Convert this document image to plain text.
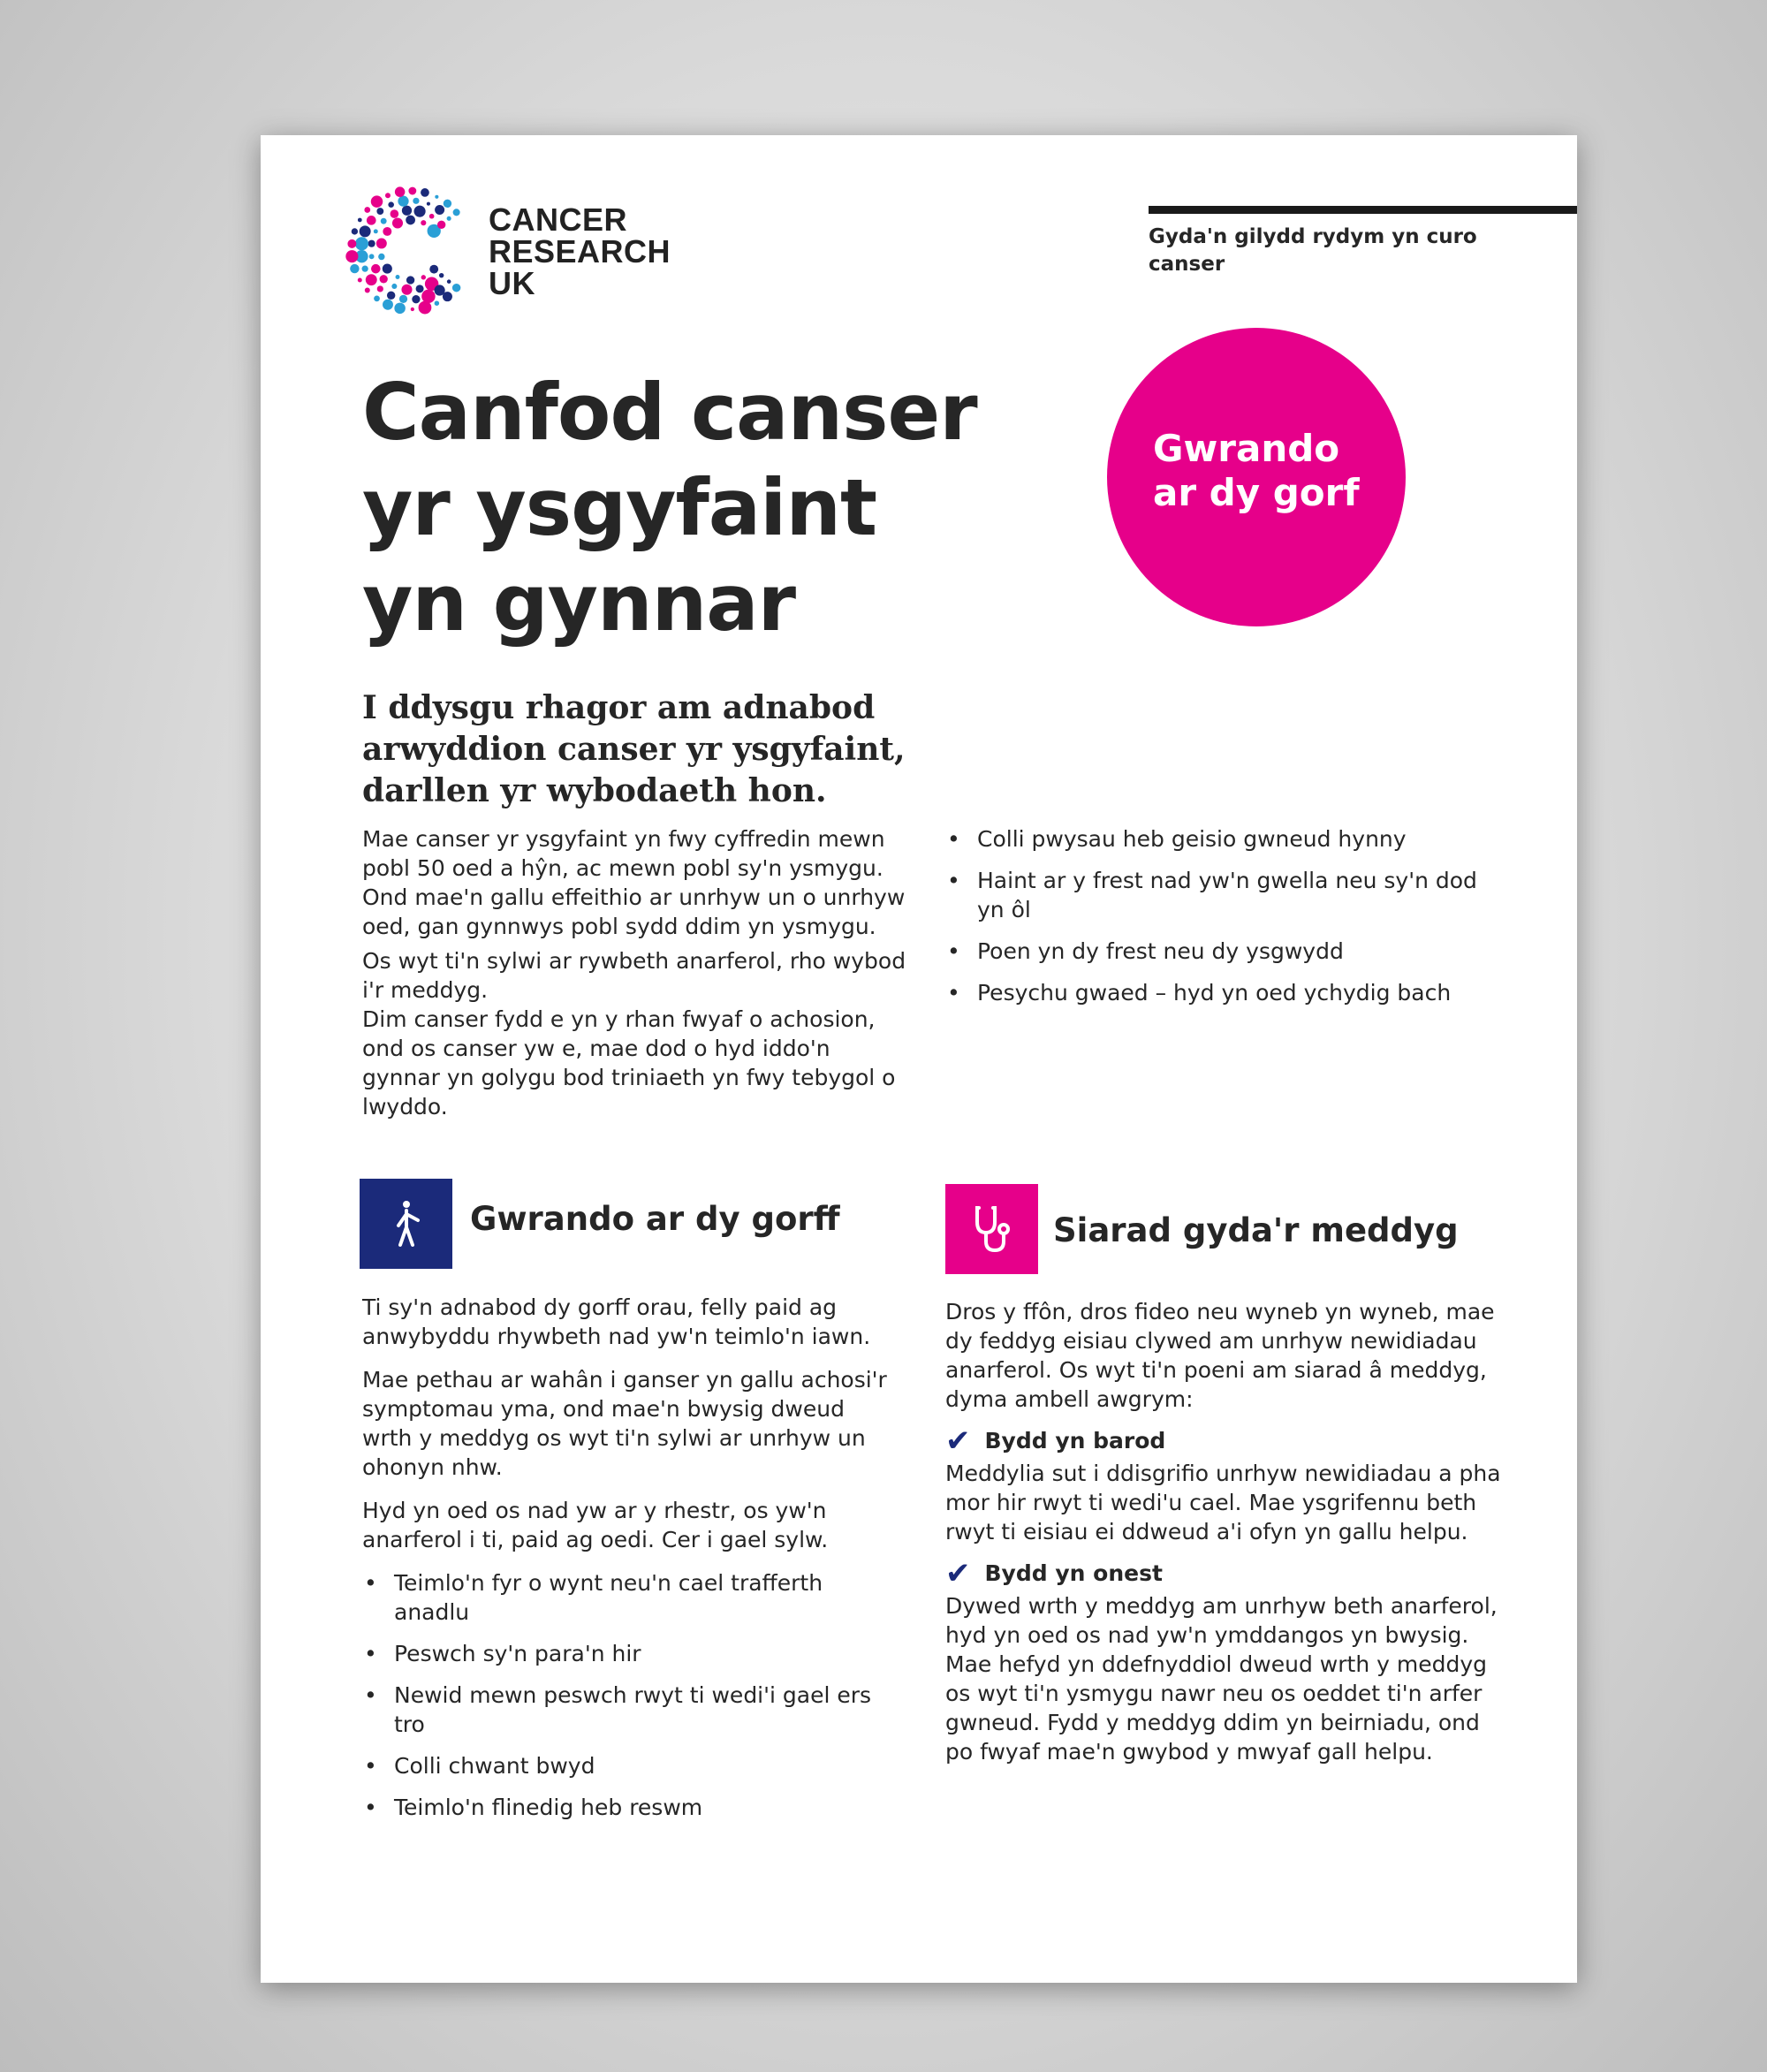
CANCER
RESEARCH
UK
Gyda'n gilydd rydym yn curo canser
Gwrando ar dy gorf
Canfod canser yr ysgyfaint yn gynnar
I ddysgu rhagor am adnabod arwyddion canser yr ysgyfaint, darllen yr wybodaeth hon.

Mae canser yr ysgyfaint yn fwy cyffredin mewn pobl 50 oed a hŷn, ac mewn pobl sy'n ysmygu. Ond mae'n gallu effeithio ar unrhyw un o unrhyw oed, gan gynnwys pobl sydd ddim yn ysmygu.

Os wyt ti'n sylwi ar rywbeth anarferol, rho wybod i'r meddyg.

Dim canser fydd e yn y rhan fwyaf o achosion, ond os canser yw e, mae dod o hyd iddo'n gynnar yn golygu bod triniaeth yn fwy tebygol o lwyddo.

• Colli pwysau heb geisio gwneud hynny
• Haint ar y frest nad yw'n gwella neu sy'n dod yn ôl
• Poen yn dy frest neu dy ysgwydd
• Pesychu gwaed – hyd yn oed ychydig bach
Gwrando ar dy gorff

Ti sy'n adnabod dy gorff orau, felly paid ag anwybyddu rhywbeth nad yw'n teimlo'n iawn.

Mae pethau ar wahân i ganser yn gallu achosi'r symptomau yma, ond mae'n bwysig dweud wrth y meddyg os wyt ti'n sylwi ar unrhyw un ohonyn nhw.

Hyd yn oed os nad yw ar y rhestr, os yw'n anarferol i ti, paid ag oedi. Cer i gael sylw.

• Teimlo'n fyr o wynt neu'n cael trafferth anadlu
• Peswch sy'n para'n hir
• Newid mewn peswch rwyt ti wedi'i gael ers tro
• Colli chwant bwyd
• Teimlo'n flinedig heb reswm
Siarad gyda'r meddyg

Dros y ffôn, dros fideo neu wyneb yn wyneb, mae dy feddyg eisiau clywed am unrhyw newidiadau anarferol. Os wyt ti'n poeni am siarad â meddyg, dyma ambell awgrym:

✔ Bydd yn barod

Meddylia sut i ddisgrifio unrhyw newidiadau a pha mor hir rwyt ti wedi'u cael. Mae ysgrifennu beth rwyt ti eisiau ei ddweud a'i ofyn yn gallu helpu.

✔ Bydd yn onest

Dywed wrth y meddyg am unrhyw beth anarferol, hyd yn oed os nad yw'n ymddangos yn bwysig. Mae hefyd yn ddefnyddiol dweud wrth y meddyg os wyt ti'n ysmygu nawr neu os oeddet ti'n arfer gwneud. Fydd y meddyg ddim yn beirniadu, ond po fwyaf mae'n gwybod y mwyaf gall helpu.
